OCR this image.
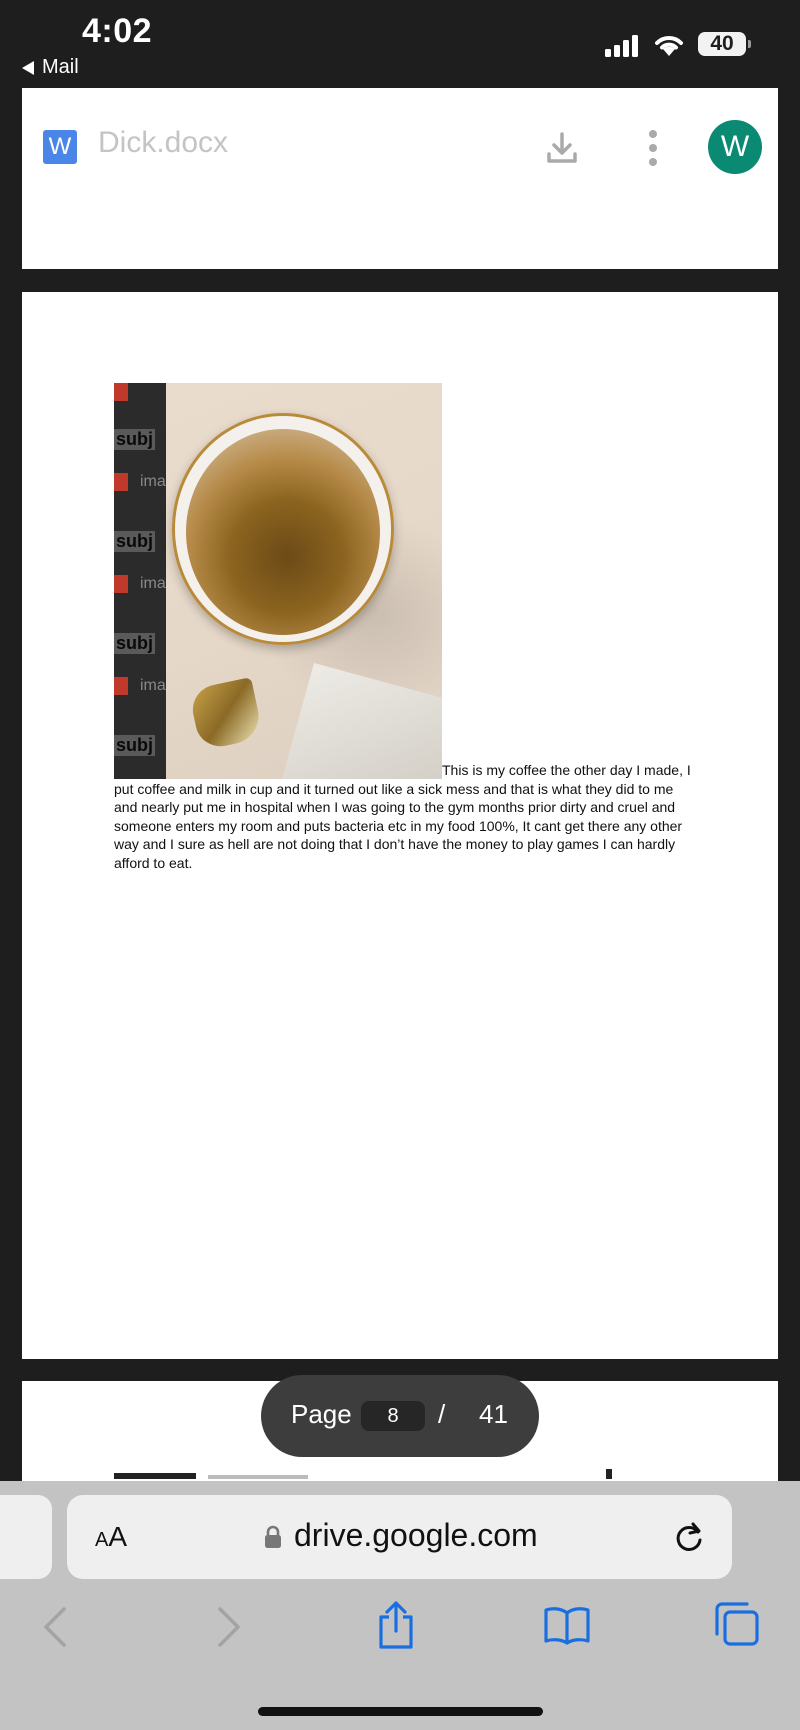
4:02
Mail
40
W Dick.docx	W
subj
ima
subj
ima
subj
ima
subj
This is my coffee the other day I made, I put coffee and milk in cup and it turned out like a sick mess and that is what they did to me and nearly put me in hospital when I was going to the gym months prior dirty and cruel and someone enters my room and puts bacteria etc in my food 100%, It cant get there any other way and I sure as hell are not doing that I don’t have the money to play games I can hardly afford to eat.
Page	8	/ 41
AA	drive.google.com
